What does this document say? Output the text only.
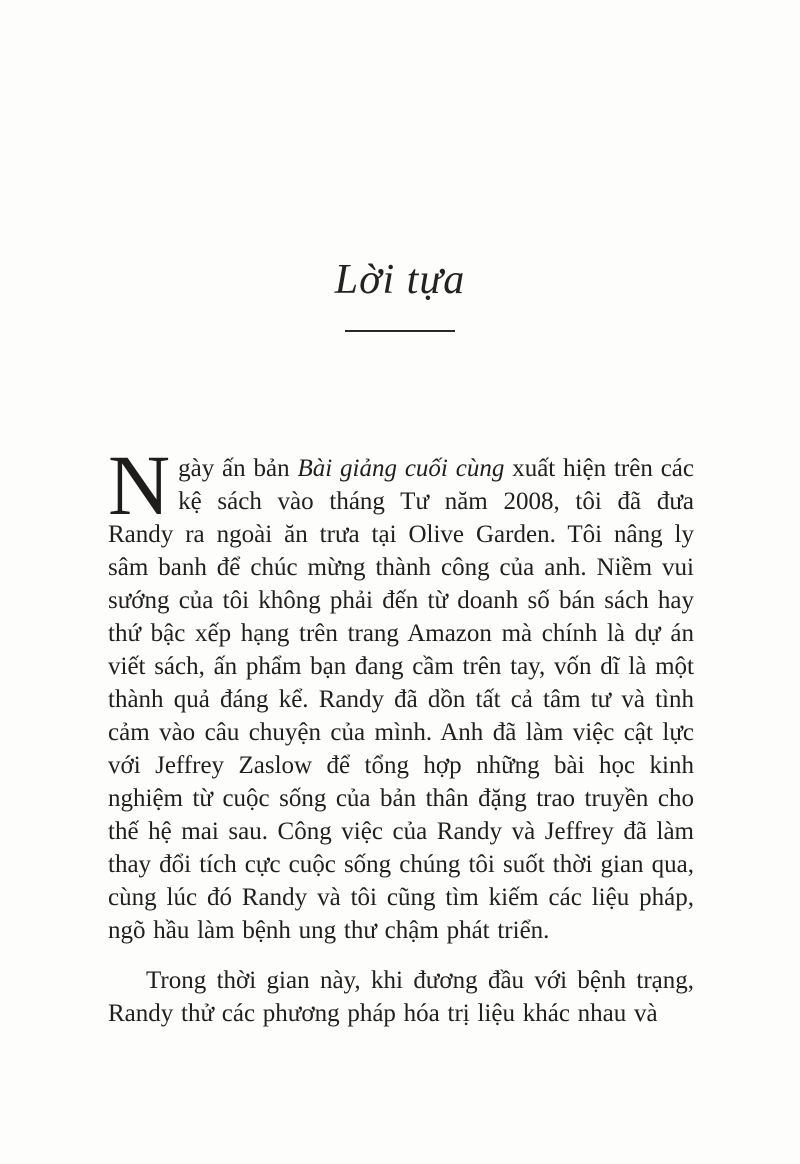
Lời tựa

Ngày ấn bản Bài giảng cuối cùng xuất hiện trên các kệ sách vào tháng Tư năm 2008, tôi đã đưa Randy ra ngoài ăn trưa tại Olive Garden. Tôi nâng ly sâm banh để chúc mừng thành công của anh. Niềm vui sướng của tôi không phải đến từ doanh số bán sách hay thứ bậc xếp hạng trên trang Amazon mà chính là dự án viết sách, ấn phẩm bạn đang cầm trên tay, vốn dĩ là một thành quả đáng kể. Randy đã dồn tất cả tâm tư và tình cảm vào câu chuyện của mình. Anh đã làm việc cật lực với Jeffrey Zaslow để tổng hợp những bài học kinh nghiệm từ cuộc sống của bản thân đặng trao truyền cho thế hệ mai sau. Công việc của Randy và Jeffrey đã làm thay đổi tích cực cuộc sống chúng tôi suốt thời gian qua, cùng lúc đó Randy và tôi cũng tìm kiếm các liệu pháp, ngõ hầu làm bệnh ung thư chậm phát triển.

Trong thời gian này, khi đương đầu với bệnh trạng, Randy thử các phương pháp hóa trị liệu khác nhau và
